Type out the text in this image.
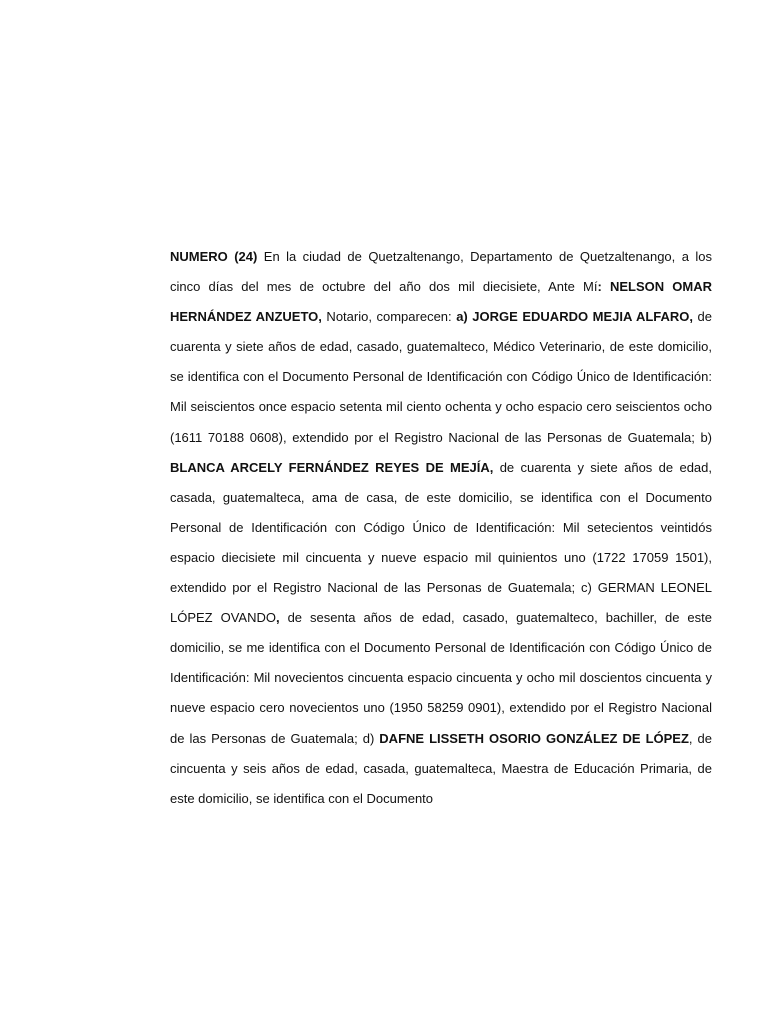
NUMERO (24) En la ciudad de Quetzaltenango, Departamento de Quetzaltenango, a los cinco días del mes de octubre del año dos mil diecisiete, Ante Mí: NELSON OMAR HERNÁNDEZ ANZUETO, Notario, comparecen: a) JORGE EDUARDO MEJIA ALFARO, de cuarenta y siete años de edad, casado, guatemalteco, Médico Veterinario, de este domicilio, se identifica con el Documento Personal de Identificación con Código Único de Identificación: Mil seiscientos once espacio setenta mil ciento ochenta y ocho espacio cero seiscientos ocho (1611 70188 0608), extendido por el Registro Nacional de las Personas de Guatemala; b) BLANCA ARCELY FERNÁNDEZ REYES DE MEJÍA, de cuarenta y siete años de edad, casada, guatemalteca, ama de casa, de este domicilio, se identifica con el Documento Personal de Identificación con Código Único de Identificación: Mil setecientos veintidós espacio diecisiete mil cincuenta y nueve espacio mil quinientos uno (1722 17059 1501), extendido por el Registro Nacional de las Personas de Guatemala; c) GERMAN LEONEL LÓPEZ OVANDO, de sesenta años de edad, casado, guatemalteco, bachiller, de este domicilio, se me identifica con el Documento Personal de Identificación con Código Único de Identificación: Mil novecientos cincuenta espacio cincuenta y ocho mil doscientos cincuenta y nueve espacio cero novecientos uno (1950 58259 0901), extendido por el Registro Nacional de las Personas de Guatemala; d) DAFNE LISSETH OSORIO GONZÁLEZ DE LÓPEZ, de cincuenta y seis años de edad, casada, guatemalteca, Maestra de Educación Primaria, de este domicilio, se identifica con el Documento
